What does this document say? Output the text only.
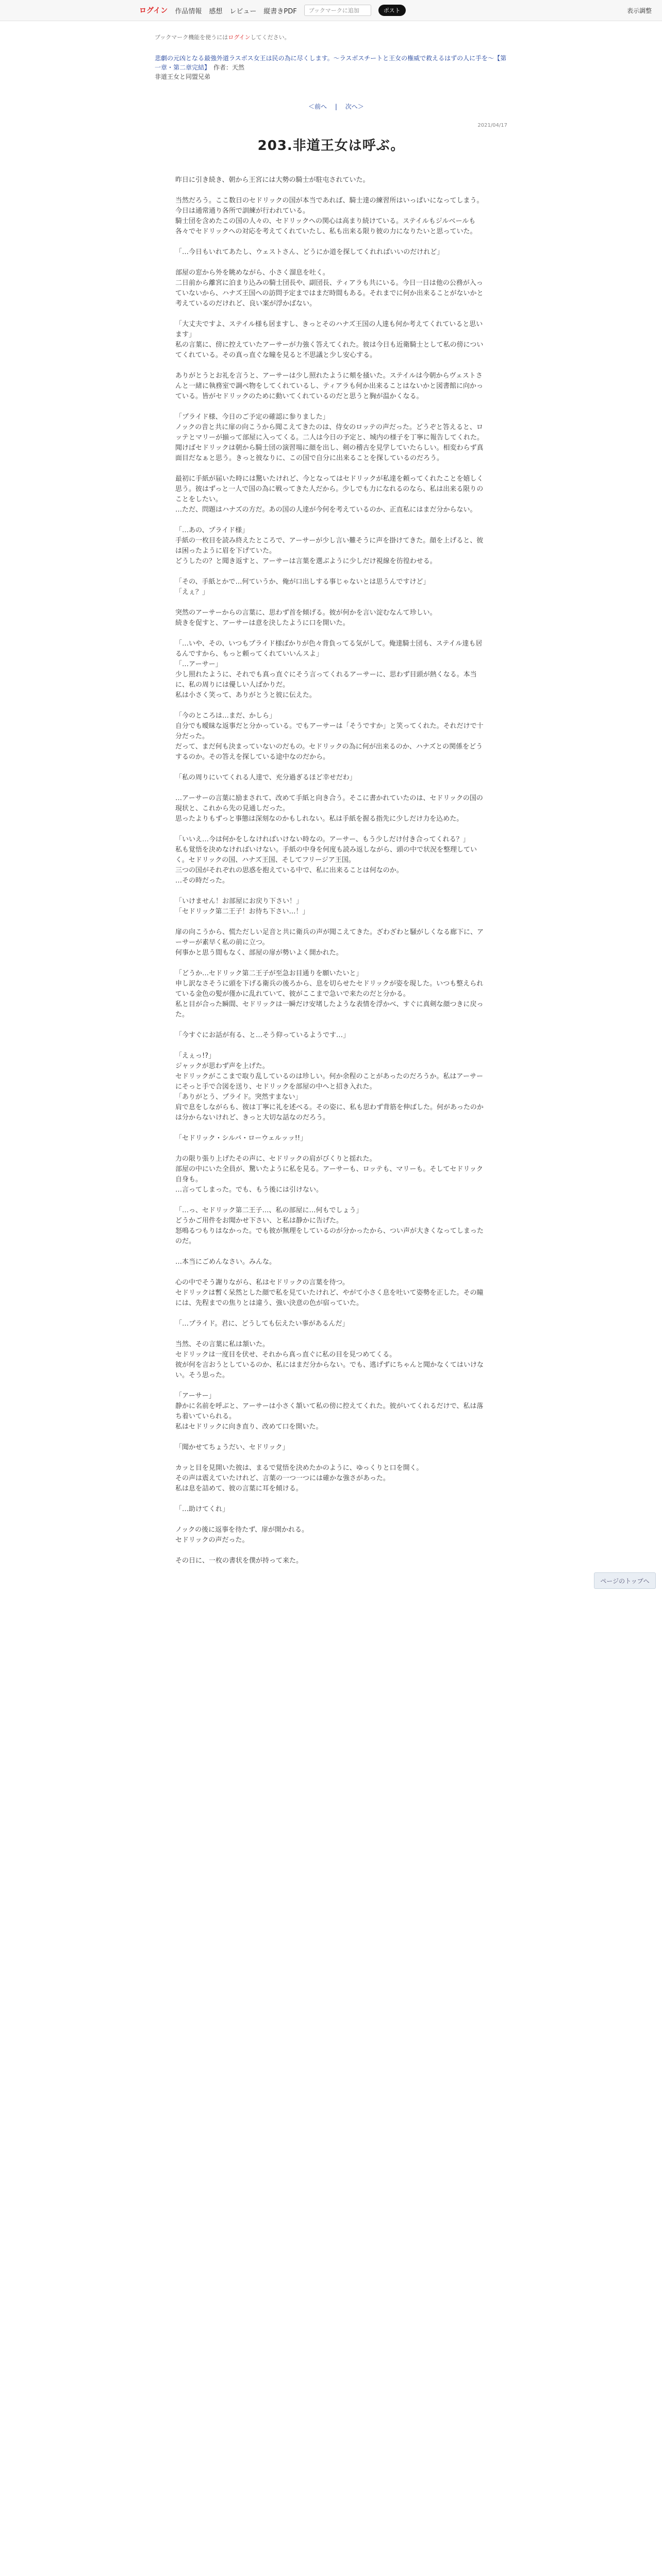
ログイン 作品情報 感想 レビュー 縦書きPDF	ブックマークに追加	ポスト	表示調整
ブックマーク機能を使うにはログインしてください。
悲劇の元凶となる最強外道ラスボス女王は民の為に尽くします。〜ラスボスチートと王女の権威で救えるはずの人に手を〜【第一章・第二章完結】　 作者：天然
非道王女と同盟兄弟
＜前へ 　|　 次へ＞
2021/04/17
203.非道王女は呼ぶ。

昨日に引き続き、朝から王宮には大勢の騎士が駐屯されていた。

当然だろう。ここ数日のセドリックの国が本当であれば、騎士達の練習所はいっぱいになってしまう。今日は通常通り各所で訓練が行われている。
騎士団を含めたこの国の人々の、セドリックへの関心は高まり続けている。ステイルもジルベールも各々でセドリックへの対応を考えてくれていたし、私も出来る限り彼の力になりたいと思っていた。

「…今日もいれてあたし、ウェストさん、どうにか道を探してくれればいいのだけれど」

部屋の窓から外を眺めながら、小さく溜息を吐く。
二日前から離宮に泊まり込みの騎士団長や、副団長、ティアラも共にいる。今日一日は他の公務が入っていないから、ハナズ王国への訪問予定まではまだ時間もある。それまでに何か出来ることがないかと考えているのだけれど、良い案が浮かばない。

「大丈夫ですよ、ステイル様も居ますし、きっとそのハナズ王国の人達も何か考えてくれていると思います」
私の言葉に、傍に控えていたアーサーが力強く答えてくれた。彼は今日も近衛騎士として私の傍についてくれている。その真っ直ぐな瞳を見ると不思議と少し安心する。

ありがとうとお礼を言うと、アーサーは少し照れたように頬を掻いた。ステイルは今朝からヴェストさんと一緒に執務室で調べ物をしてくれているし、ティアラも何か出来ることはないかと図書館に向かっている。皆がセドリックのために動いてくれているのだと思うと胸が温かくなる。

「プライド様、今日のご予定の確認に参りました」
ノックの音と共に扉の向こうから聞こえてきたのは、侍女のロッテの声だった。どうぞと答えると、ロッテとマリーが揃って部屋に入ってくる。二人は今日の予定と、城内の様子を丁寧に報告してくれた。
聞けばセドリックは朝から騎士団の演習場に顔を出し、剣の稽古を見学していたらしい。相変わらず真面目だなぁと思う。きっと彼なりに、この国で自分に出来ることを探しているのだろう。

最初に手紙が届いた時には驚いたけれど、今となってはセドリックが私達を頼ってくれたことを嬉しく思う。彼はずっと一人で国の為に戦ってきた人だから。少しでも力になれるのなら、私は出来る限りのことをしたい。
…ただ、問題はハナズの方だ。あの国の人達が今何を考えているのか、正直私にはまだ分からない。

「…あの、プライド様」
手紙の一枚目を読み終えたところで、アーサーが少し言い難そうに声を掛けてきた。顔を上げると、彼は困ったように眉を下げていた。
どうしたの？と聞き返すと、アーサーは言葉を選ぶように少しだけ視線を彷徨わせる。

「その、手紙とかで…何ていうか、俺が口出しする事じゃないとは思うんですけど」
「えぇ？」

突然のアーサーからの言葉に、思わず首を傾げる。彼が何かを言い淀むなんて珍しい。
続きを促すと、アーサーは意を決したように口を開いた。

「…いや、その、いつもプライド様ばかりが色々背負ってる気がして。俺達騎士団も、ステイル達も居るんですから、もっと頼ってくれていいんスよ」
「…アーサー」
少し照れたように、それでも真っ直ぐにそう言ってくれるアーサーに、思わず目頭が熱くなる。本当に、私の周りには優しい人ばかりだ。
私は小さく笑って、ありがとうと彼に伝えた。

「今のところは…まだ、かしら」
自分でも曖昧な返事だと分かっている。でもアーサーは「そうですか」と笑ってくれた。それだけで十分だった。
だって、まだ何も決まっていないのだもの。セドリックの為に何が出来るのか、ハナズとの関係をどうするのか。その答えを探している途中なのだから。

「私の周りにいてくれる人達で、充分過ぎるほど幸せだわ」

…アーサーの言葉に励まされて、改めて手紙と向き合う。そこに書かれていたのは、セドリックの国の現状と、これから先の見通しだった。
思ったよりもずっと事態は深刻なのかもしれない。私は手紙を握る指先に少しだけ力を込めた。

「いいえ…今は何かをしなければいけない時なの。アーサー、もう少しだけ付き合ってくれる？」
私も覚悟を決めなければいけない。手紙の中身を何度も読み返しながら、頭の中で状況を整理していく。セドリックの国、ハナズ王国、そしてフリージア王国。
三つの国がそれぞれの思惑を抱えている中で、私に出来ることは何なのか。
…その時だった。

「いけません！お部屋にお戻り下さい！」
「セドリック第二王子！お待ち下さい…！」

扉の向こうから、慌ただしい足音と共に衛兵の声が聞こえてきた。ざわざわと騒がしくなる廊下に、アーサーが素早く私の前に立つ。
何事かと思う間もなく、部屋の扉が勢いよく開かれた。

「どうか…セドリック第二王子が至急お目通りを願いたいと」
申し訳なさそうに頭を下げる衛兵の後ろから、息を切らせたセドリックが姿を現した。いつも整えられている金色の髪が僅かに乱れていて、彼がここまで急いで来たのだと分かる。
私と目が合った瞬間、セドリックは一瞬だけ安堵したような表情を浮かべ、すぐに真剣な顔つきに戻った。

「今すぐにお話が有る、と…そう仰っているようです…」

「えぇっ!?」
ジャックが思わず声を上げた。
セドリックがここまで取り乱しているのは珍しい。何か余程のことがあったのだろうか。私はアーサーにそっと手で合図を送り、セドリックを部屋の中へと招き入れた。
「ありがとう、プライド。突然すまない」
肩で息をしながらも、彼は丁寧に礼を述べる。その姿に、私も思わず背筋を伸ばした。何があったのかは分からないけれど、きっと大切な話なのだろう。

「セドリック・シルバ・ローウェルッッ!!」

力の限り張り上げたその声に、セドリックの肩がびくりと揺れた。
部屋の中にいた全員が、驚いたように私を見る。アーサーも、ロッテも、マリーも。そしてセドリック自身も。
…言ってしまった。でも、もう後には引けない。

「…っ、セドリック第二王子…、私の部屋に…何もでしょう」
どうかご用件をお聞かせ下さい、と私は静かに告げた。
怒鳴るつもりはなかった。でも彼が無理をしているのが分かったから、つい声が大きくなってしまったのだ。

…本当にごめんなさい。みんな。

心の中でそう謝りながら、私はセドリックの言葉を待つ。
セドリックは暫く呆然とした顔で私を見ていたけれど、やがて小さく息を吐いて姿勢を正した。その瞳には、先程までの焦りとは違う、強い決意の色が宿っていた。

「…プライド。君に、どうしても伝えたい事があるんだ」

当然、その言葉に私は頷いた。
セドリックは一度目を伏せ、それから真っ直ぐに私の目を見つめてくる。
彼が何を言おうとしているのか、私にはまだ分からない。でも、逃げずにちゃんと聞かなくてはいけない。そう思った。

「アーサー」
静かに名前を呼ぶと、アーサーは小さく頷いて私の傍に控えてくれた。彼がいてくれるだけで、私は落ち着いていられる。
私はセドリックに向き直り、改めて口を開いた。

「聞かせてちょうだい、セドリック」

カッと目を見開いた彼は、まるで覚悟を決めたかのように、ゆっくりと口を開く。
その声は震えていたけれど、言葉の一つ一つには確かな強さがあった。
私は息を詰めて、彼の言葉に耳を傾ける。

「…助けてくれ」

ノックの後に返事を待たず、扉が開かれる。
セドリックの声だった。

その日に、一枚の書状を僕が持って来た。

ページのトップへ
